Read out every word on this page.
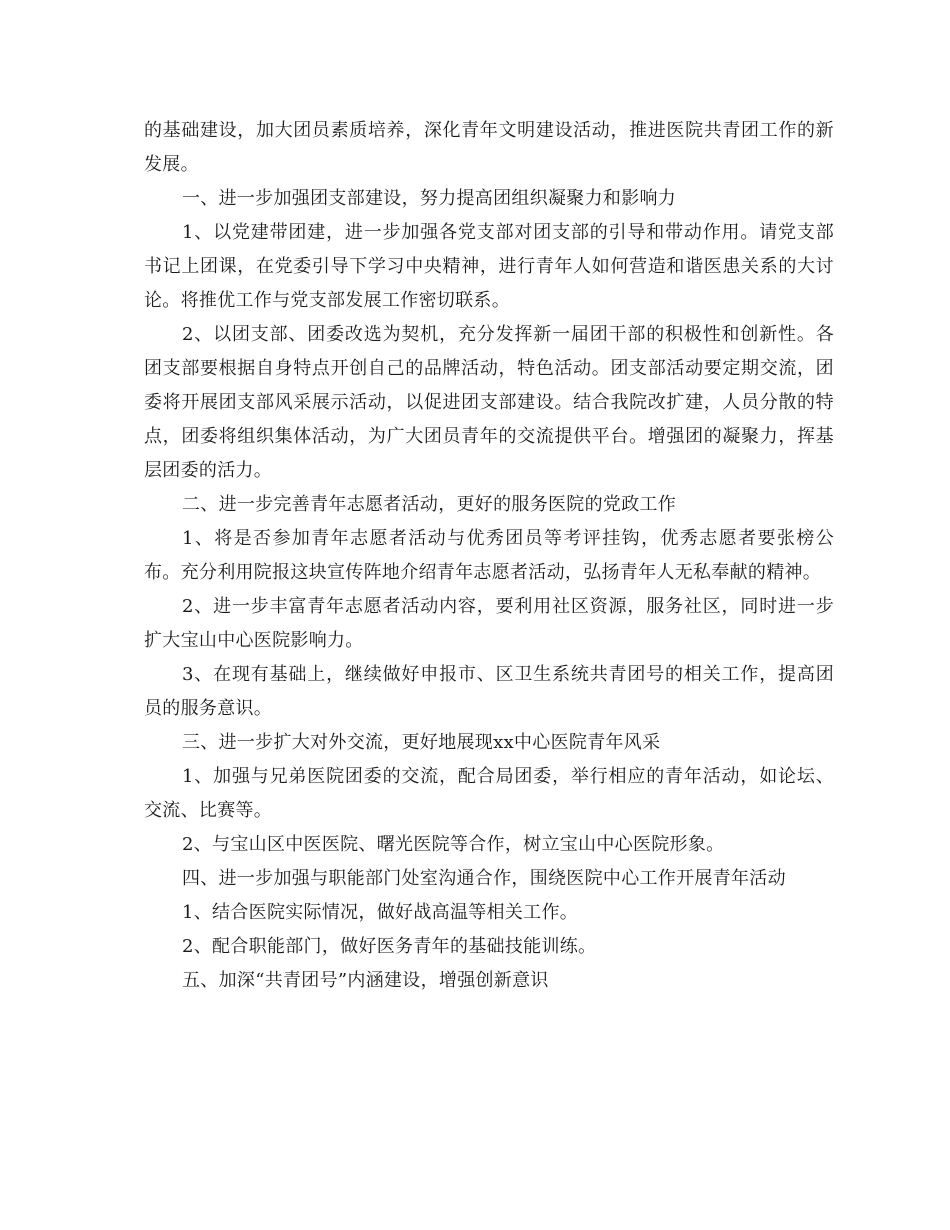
的基础建设，加大团员素质培养，深化青年文明建设活动，推进医院共青团工作的新发展。

一、进一步加强团支部建设，努力提高团组织凝聚力和影响力

1、以党建带团建，进一步加强各党支部对团支部的引导和带动作用。请党支部书记上团课，在党委引导下学习中央精神，进行青年人如何营造和谐医患关系的大讨论。将推优工作与党支部发展工作密切联系。

2、以团支部、团委改选为契机，充分发挥新一届团干部的积极性和创新性。各团支部要根据自身特点开创自己的品牌活动，特色活动。团支部活动要定期交流，团委将开展团支部风采展示活动，以促进团支部建设。结合我院改扩建，人员分散的特点，团委将组织集体活动，为广大团员青年的交流提供平台。增强团的凝聚力，挥基层团委的活力。

二、进一步完善青年志愿者活动，更好的服务医院的党政工作

1、将是否参加青年志愿者活动与优秀团员等考评挂钩，优秀志愿者要张榜公布。充分利用院报这块宣传阵地介绍青年志愿者活动，弘扬青年人无私奉献的精神。

2、进一步丰富青年志愿者活动内容，要利用社区资源，服务社区，同时进一步扩大宝山中心医院影响力。

3、在现有基础上，继续做好申报市、区卫生系统共青团号的相关工作，提高团员的服务意识。

三、进一步扩大对外交流，更好地展现xx中心医院青年风采

1、加强与兄弟医院团委的交流，配合局团委，举行相应的青年活动，如论坛、交流、比赛等。

2、与宝山区中医医院、曙光医院等合作，树立宝山中心医院形象。

四、进一步加强与职能部门处室沟通合作，围绕医院中心工作开展青年活动

1、结合医院实际情况，做好战高温等相关工作。

2、配合职能部门，做好医务青年的基础技能训练。

五、加深“共青团号”内涵建设，增强创新意识
